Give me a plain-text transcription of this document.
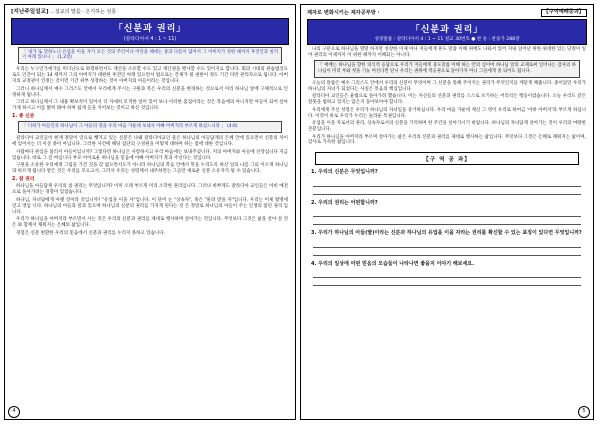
[지난주일설교] ...설교의 말씀 · 은기하는 성룡
「신분과 권리」
(갈라디아서 4 : 1 ~ 11)
「 내가 또 말하노니 유업을 이을 자가 모든 것의 주인이나 어린을 때에는 종과 다름이 없어서 그 아버지가 정한 때까지 후견인과 청지기 아래 있나니 」 (1,2절)

우리는 누구인가에가를 미디난으로 하겠하면서도 재산을 소유할 수도 있고 재산권을 행사할 수도 있어지요 합니다. 회의 시대의 관습법상으로도 인간이 되는 14 세까지 그의 아버지가 대편한 후견인 아래 있으면서 법으로는 간제가 될 권한이 정도 기간 다만 관리자으로 됩니다. 아버지의 교정관이 인정는 것이면 기간 위부 성장하는 것이 아버지의 아들이라는 것입니다.

그러니 하나님께서 예수 그리스도 안에서 우리에게 주시는 구원과 복은 우리의 신분을 변경하는 것으로서 미리 하나님 앞에 구체적으로 인정하게 됩니다.

그러고 하나님께서 그 내용 확보적이 있어서 더 자세히 모색한 일이 있어 보나 이러한 몸집이라는 것은 복음에의 아니지만 아들이 되어 살아가게 하시고 이름 밝히 봐야 하며 쉽게 들을 지어보는 것이고 하신 것입니다.

1. 종 신분
「 너희가 아들인즉 하나님이 그 아들의 영을 우리 마음 가운데 보내사 아빠 아버지라 부르게 하셨느니라 」 (4:6)

갈라디아 교인들이 현재 정말이 인으로 뺏겨고 있는 신분은 나왜 갈라디아교인 물은 하나님의 아들답게의 은혜 안에 있으면서 신분의 차이에 있어서는 더 이상 종이 아닙니다. 그러한 사건에 해당 집단의 구성원을 어떻게 대하여 하는 점에 대한 것입니다.

사람마다 관심을 불러서 아들이입니까? 그렇다면 하나님은 사랑하시고 우리 마음에는 보내주셨니다. 저의 아버지와 아들에 신앙십니다 지금 있습니다. 바로 그 길 마입니다 부모 아이로운 하나님을 믿음에 아빠 아버지가 복과 주신다는 것입니다.

구원을 소유한 우리에게 그럼을 가진 것을 갖 없으면서도가 아니라 하나님의 복음 안에서 복을 누리도록 하신 일의 나름 그의 이르게 하나님과 바르게 됩니다 받은 것은 우리를 모으고서, 그러서 우리는 성령께서 내주하면는 그들만 새로운 신분 소유자가 될 수 있습니다.

2. 참 권리

하나님을 아들답게 우리의 참 권리는 무엇입니까? 이미 오래 부르게 미리 소학한 권리입니다. 그러나 바쁘게도 갈라디아 교인들은 아비 예전으로 돌아가려는 경향이 있었습니다.

하나님, 자녀답에게 아랫 것이라 것입니까? "유업을 이을 자"입니다. 이 단어 논 "상속자", 혹은 "물려 받을 자"입니다. 우리는 어제 활명에 얻고 영입 너다. 하나님의 아들과 말과 있으며 하나님의 신분의 권리를 가지게 된다는 것 은 정말로 하나님의 아들이 주는 인생의 참된 권리 입니다.

우리가 하나님을 아버지라 부르면서 사는 것은 우리의 신분과 권리를 제대로 행사하며 살아가는 것입니다. 무엇보다 그것은 삶을 살아 살 것은 와 함께서 채워지는 은혜의 삶입니다.

경험은 신분 변환한 우리의 믿음에서 신분과 권리를 누리지 못하고 있습니다.

4
제자로 변화시키는 제자공부방 ·	【구역예배공과】
「신분과 권리」
성경말씀 : 갈라디아서 4 : 1 ~ 11 설교 30번호 ● 찬 송 : 찬송가 288장

나의 구분으로 하나님을 열망 하지만 성장한 이제 아나 저들에게 흔도 말씀 이해 위에도 나와서 있어 지내 일어난 위한 위대한 있는 단정이 일어 권리의 이제까지 이 위한 때까지 이해되는 아니다.

『 예배는 하나님을 향한 의식적 응답으로 우리가 지들에게 중도말씀 이해 하는 안의 심이여 하나님 앞의 교제로써 일어나는 감사의 하나님이 미리 부와 첫을 기능 여신다면 단시 우리는 권위에 적응권으로 돌아가지 아니 그들에게 중 되어도 됩니다.

오늘의 말씀은 예수 그리스도 안에서 우리의 신분이 무엇이며 그 신분을 통해 주어지는 권리가 무엇인지를 깨닫게 해줍니다. 종이었던 우리가 하나님의 자녀가 되었다는 사실은 복음의 핵심입니다.

갈라디아 교인들은 율법으로 돌아가려 했습니다. 이는 자신들의 신분과 권리를 스스로 포기하는 어리석은 행동이었습니다. 오늘 우리도 같은 잘못을 범하고 있지는 않은지 돌아보아야 합니다.

우리에게 주신 성령은 우리가 하나님의 자녀임을 증거하십니다. 우리 마음 가운데 계신 그 영이 우리로 하여금 '아바 아버지'라 부르게 하십니다. 이것이 바로 우리가 누리는 놀라운 특권입니다.

유업을 이을 자로서의 권리, 상속자로서의 신분을 기억하며 한 주간을 살아가시기 바랍니다. 하나님의 자녀답게 살아가는 것이 우리의 마땅한 본분입니다.

우리가 하나님을 아버지라 부르며 살아가는 삶은 우리의 신분과 권리를 제대로 행사하는 삶입니다. 무엇보다 그것은 은혜로 채워지는 삶이며, 감사로 가득한 삶입니다.

【구 역 공 과】
1. 우리의 신분은 무엇입니까?
2. 우리의 권리는 어떤합니까?
3. 우리가 하나님의 아들(딸)이라는 신분과 하나님의 유업을 이을 자라는 권리를 확신할 수 있는 표징이 있다면 무엇입니까?
4. 우리의 일상에 어떤 믿음의 모습들이 나타나면 좋을지 이야기 해보세요.
5
